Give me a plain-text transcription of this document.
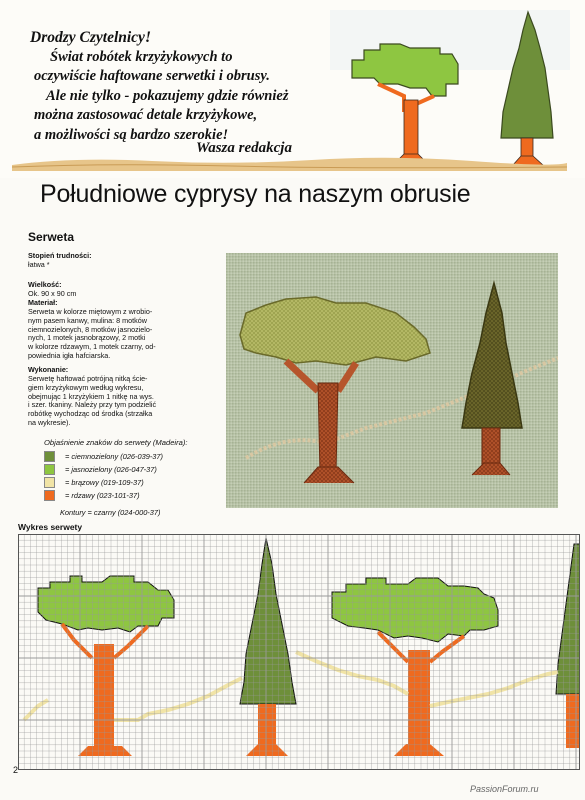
Drodzy Czytelnicy!
Świat robótek krzyżykowych to
oczywiście haftowane serwetki i obrusy.
Ale nie tylko - pokazujemy gdzie również
można zastosować detale krzyżykowe,
a możliwości są bardzo szerokie!
Wasza redakcja
Południowe cyprysy na naszym obrusie
Serweta
Stopień trudności:
łatwa *
Wielkość:
Ok. 90 x 90 cm
Materiał:
Serweta w kolorze miętowym z wrobio-
nym pasem kanwy, mulina: 8 motków
ciemnozielonych, 8 motków jasnozielo-
nych, 1 motek jasnobrązowy, 2 motki
w kolorze rdzawym, 1 motek czarny, od-
powiednia igła hafciarska.
Wykonanie:
Serwetę haftować potrójną nitką ście-
giem krzyżykowym według wykresu,
obejmując 1 krzyżykiem 1 nitkę na wys.
i szer. tkaniny. Należy przy tym podzielić
robótkę wychodząc od środka (strzałka
na wykresie).
Objaśnienie znaków do serwety (Madeira):
= ciemnozielony (026-039-37)
= jasnozielony (026-047-37)
= brązowy (019-109-37)
= rdzawy (023-101-37)
Kontury = czarny (024-000-37)
Wykres serwety
2
PassionForum.ru
